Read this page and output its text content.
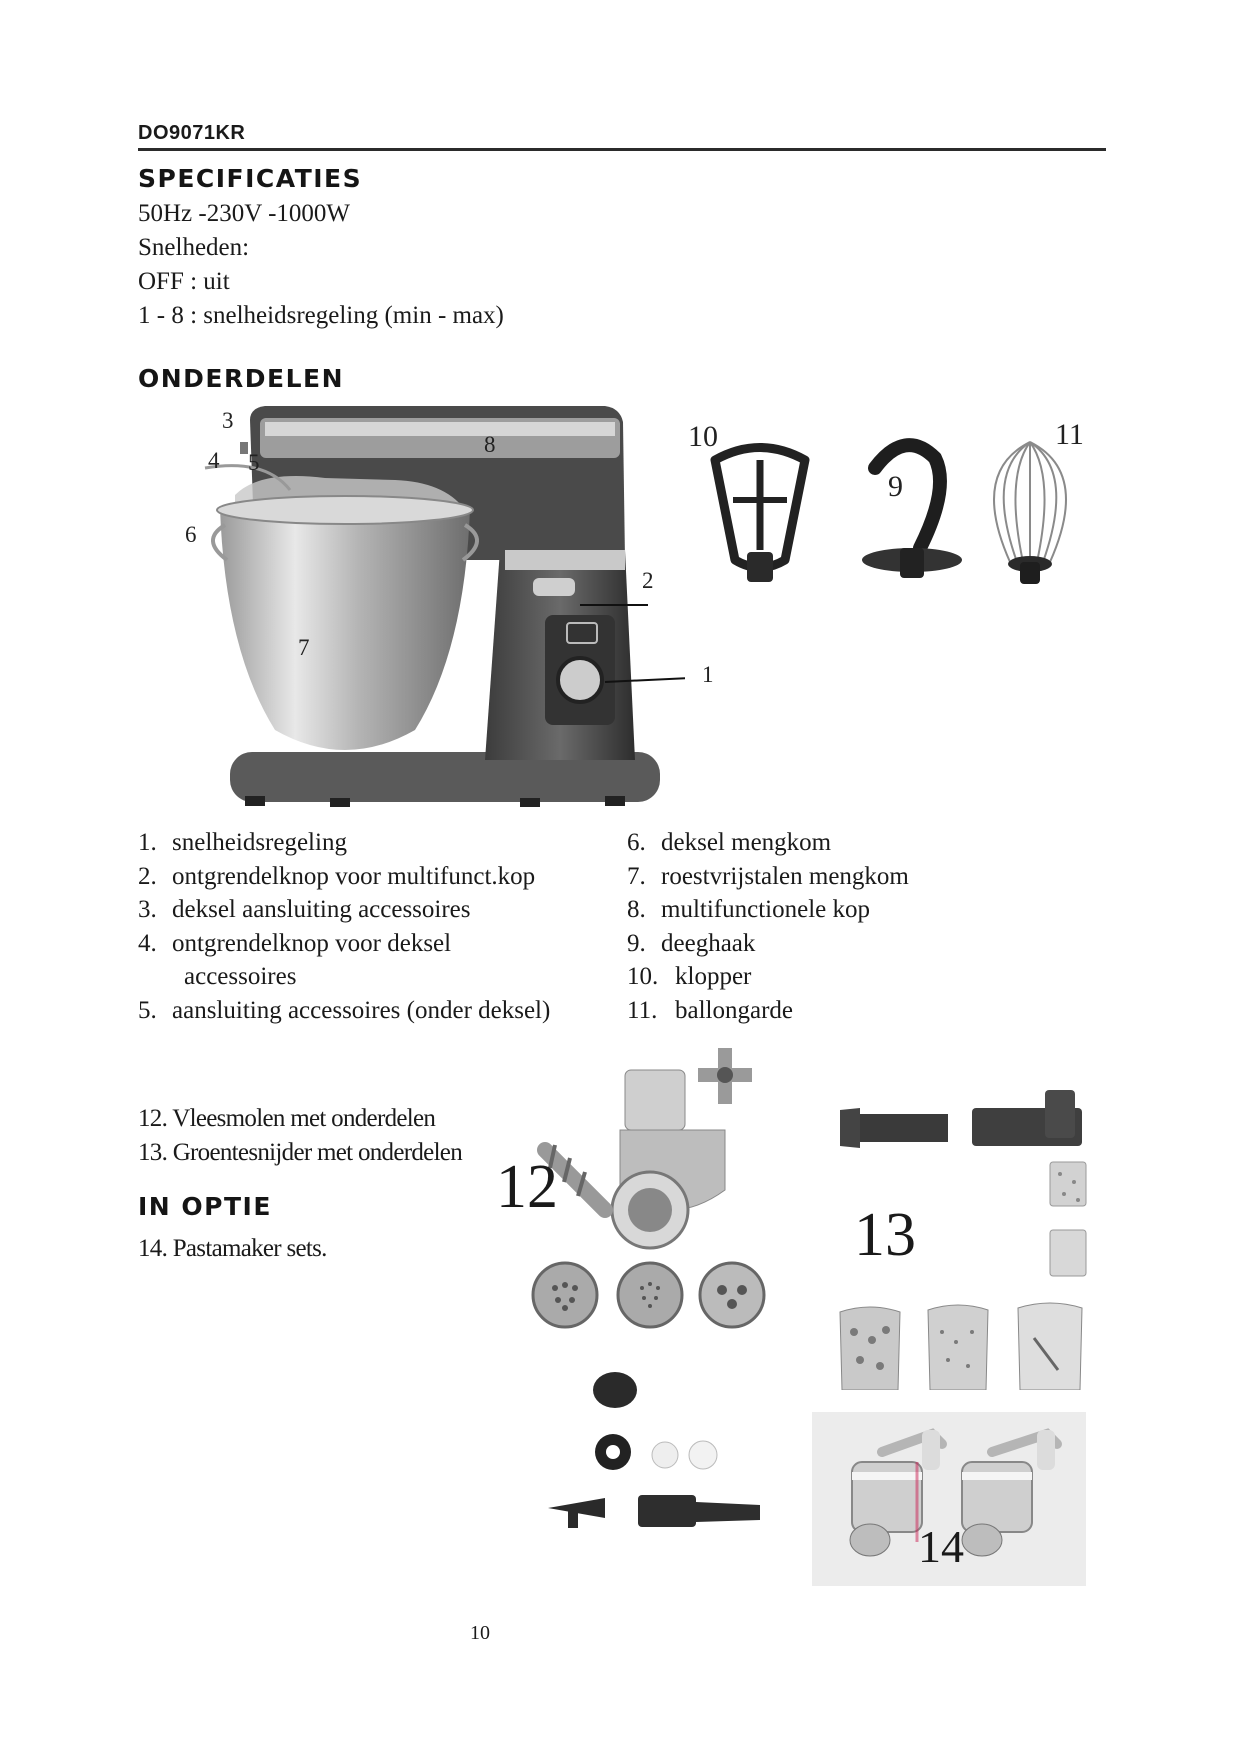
DO9071KR
SPECIFICATIES
50Hz -230V -1000W
Snelheden:
OFF : uit
1 - 8 : snelheidsregeling (min - max)
ONDERDELEN
3
4 5
8
6
2
7
1
10
9
11
1. snelheidsregeling
2. ontgrendelknop voor multifunct.kop
3. deksel aansluiting accessoires
4. ontgrendelknop voor deksel
accessoires
5. aansluiting accessoires (onder deksel)
6. deksel mengkom
7. roestvrijstalen mengkom
8. multifunctionele kop
9. deeghaak
10. klopper
11. ballongarde
12. Vleesmolen met onderdelen
13. Groentesnijder met onderdelen
IN OPTIE
14. Pastamaker sets.
12
13
14
10
